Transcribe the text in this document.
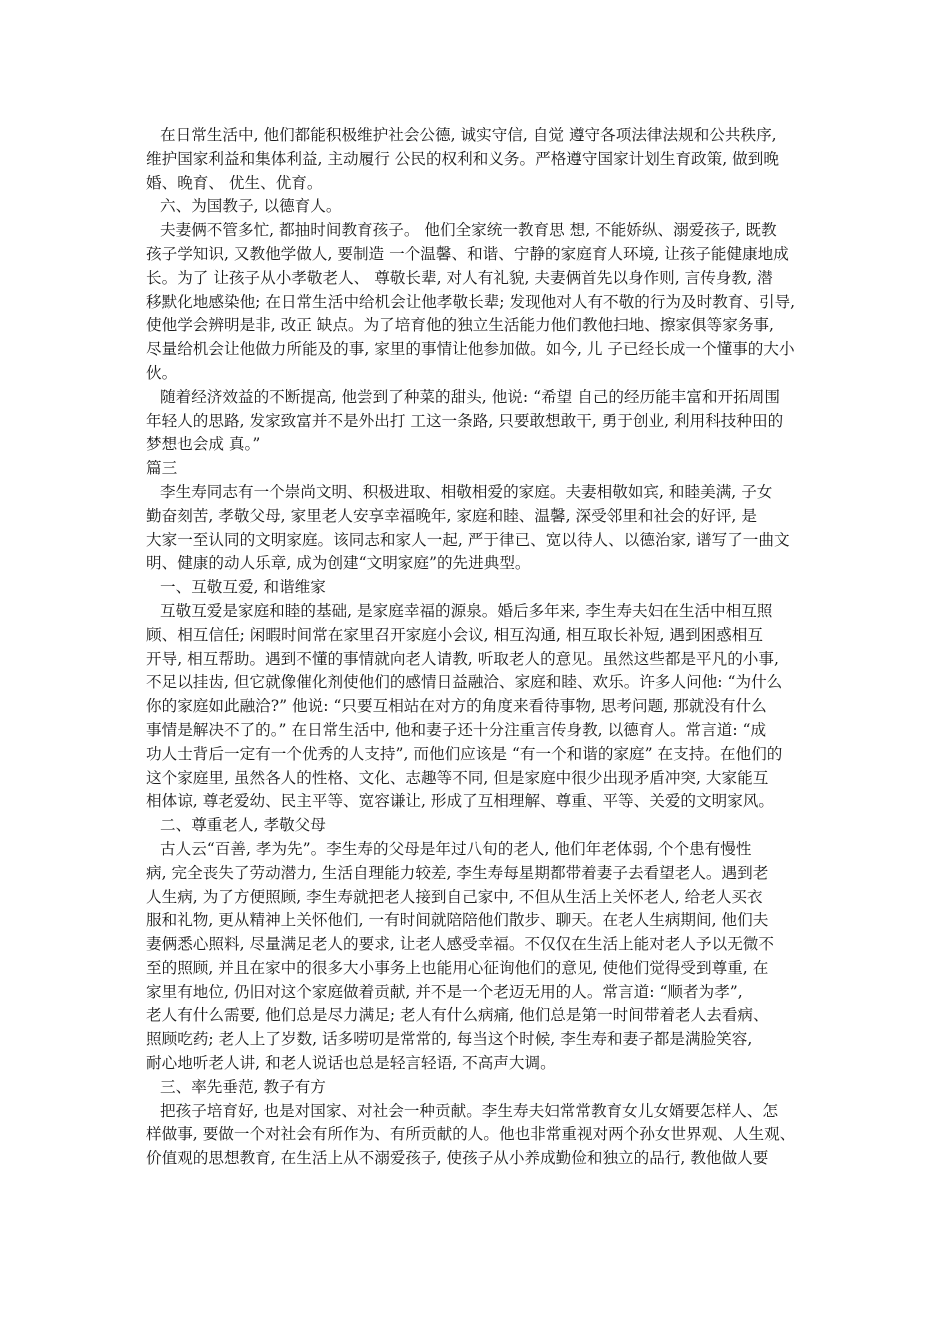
在日常生活中, 他们都能积极维护社会公德, 诚实守信, 自觉 遵守各项法律法规和公共秩序,
维护国家利益和集体利益, 主动履行 公民的权利和义务。严格遵守国家计划生育政策, 做到晚
婚、晚育、 优生、优育。
六、为国教子, 以德育人。
夫妻俩不管多忙, 都抽时间教育孩子。 他们全家统一教育思 想, 不能娇纵、溺爱孩子, 既教
孩子学知识, 又教他学做人, 要制造 一个温馨、和谐、宁静的家庭育人环境, 让孩子能健康地成
长。为了 让孩子从小孝敬老人、 尊敬长辈, 对人有礼貌, 夫妻俩首先以身作则, 言传身教, 潜
移默化地感染他; 在日常生活中给机会让他孝敬长辈; 发现他对人有不敬的行为及时教育、引导,
使他学会辨明是非, 改正 缺点。为了培育他的独立生活能力他们教他扫地、擦家俱等家务事,
尽量给机会让他做力所能及的事, 家里的事情让他参加做。如今, 儿 子已经长成一个懂事的大小
伙。
随着经济效益的不断提高, 他尝到了种菜的甜头, 他说: “希望 自己的经历能丰富和开拓周围
年轻人的思路, 发家致富并不是外出打 工这一条路, 只要敢想敢干, 勇于创业, 利用科技种田的
梦想也会成 真。”
篇三
李生寿同志有一个崇尚文明、积极进取、相敬相爱的家庭。夫妻相敬如宾, 和睦美满, 子女
勤奋刻苦, 孝敬父母, 家里老人安享幸福晚年, 家庭和睦、温馨, 深受邻里和社会的好评, 是
大家一至认同的文明家庭。该同志和家人一起, 严于律已、宽以待人、以德治家, 谱写了一曲文
明、健康的动人乐章, 成为创建“文明家庭”的先进典型。
一、互敬互爱, 和谐维家
互敬互爱是家庭和睦的基础, 是家庭幸福的源泉。婚后多年来, 李生寿夫妇在生活中相互照
顾、相互信任; 闲暇时间常在家里召开家庭小会议, 相互沟通, 相互取长补短, 遇到困惑相互
开导, 相互帮助。遇到不懂的事情就向老人请教, 听取老人的意见。虽然这些都是平凡的小事,
不足以挂齿, 但它就像催化剂使他们的感情日益融洽、家庭和睦、欢乐。许多人问他: “为什么
你的家庭如此融洽?” 他说: “只要互相站在对方的角度来看待事物, 思考问题, 那就没有什么
事情是解决不了的。” 在日常生活中, 他和妻子还十分注重言传身教, 以德育人。常言道: “成
功人士背后一定有一个优秀的人支持”, 而他们应该是 “有一个和谐的家庭” 在支持。在他们的
这个家庭里, 虽然各人的性格、文化、志趣等不同, 但是家庭中很少出现矛盾冲突, 大家能互
相体谅, 尊老爱幼、民主平等、宽容谦让, 形成了互相理解、尊重、平等、关爱的文明家风。
二、尊重老人, 孝敬父母
古人云“百善, 孝为先”。李生寿的父母是年过八旬的老人, 他们年老体弱, 个个患有慢性
病, 完全丧失了劳动潜力, 生活自理能力较差, 李生寿每星期都带着妻子去看望老人。遇到老
人生病, 为了方便照顾, 李生寿就把老人接到自己家中, 不但从生活上关怀老人, 给老人买衣
服和礼物, 更从精神上关怀他们, 一有时间就陪陪他们散步、聊天。在老人生病期间, 他们夫
妻俩悉心照料, 尽量满足老人的要求, 让老人感受幸福。不仅仅在生活上能对老人予以无微不
至的照顾, 并且在家中的很多大小事务上也能用心征询他们的意见, 使他们觉得受到尊重, 在
家里有地位, 仍旧对这个家庭做着贡献, 并不是一个老迈无用的人。常言道: “顺者为孝”,
老人有什么需要, 他们总是尽力满足; 老人有什么病痛, 他们总是第一时间带着老人去看病、
照顾吃药; 老人上了岁数, 话多唠叨是常常的, 每当这个时候, 李生寿和妻子都是满脸笑容,
耐心地听老人讲, 和老人说话也总是轻言轻语, 不高声大调。
三、率先垂范, 教子有方
把孩子培育好, 也是对国家、对社会一种贡献。李生寿夫妇常常教育女儿女婿要怎样人、怎
样做事, 要做一个对社会有所作为、有所贡献的人。他也非常重视对两个孙女世界观、人生观、
价值观的思想教育, 在生活上从不溺爱孩子, 使孩子从小养成勤俭和独立的品行, 教他做人要
